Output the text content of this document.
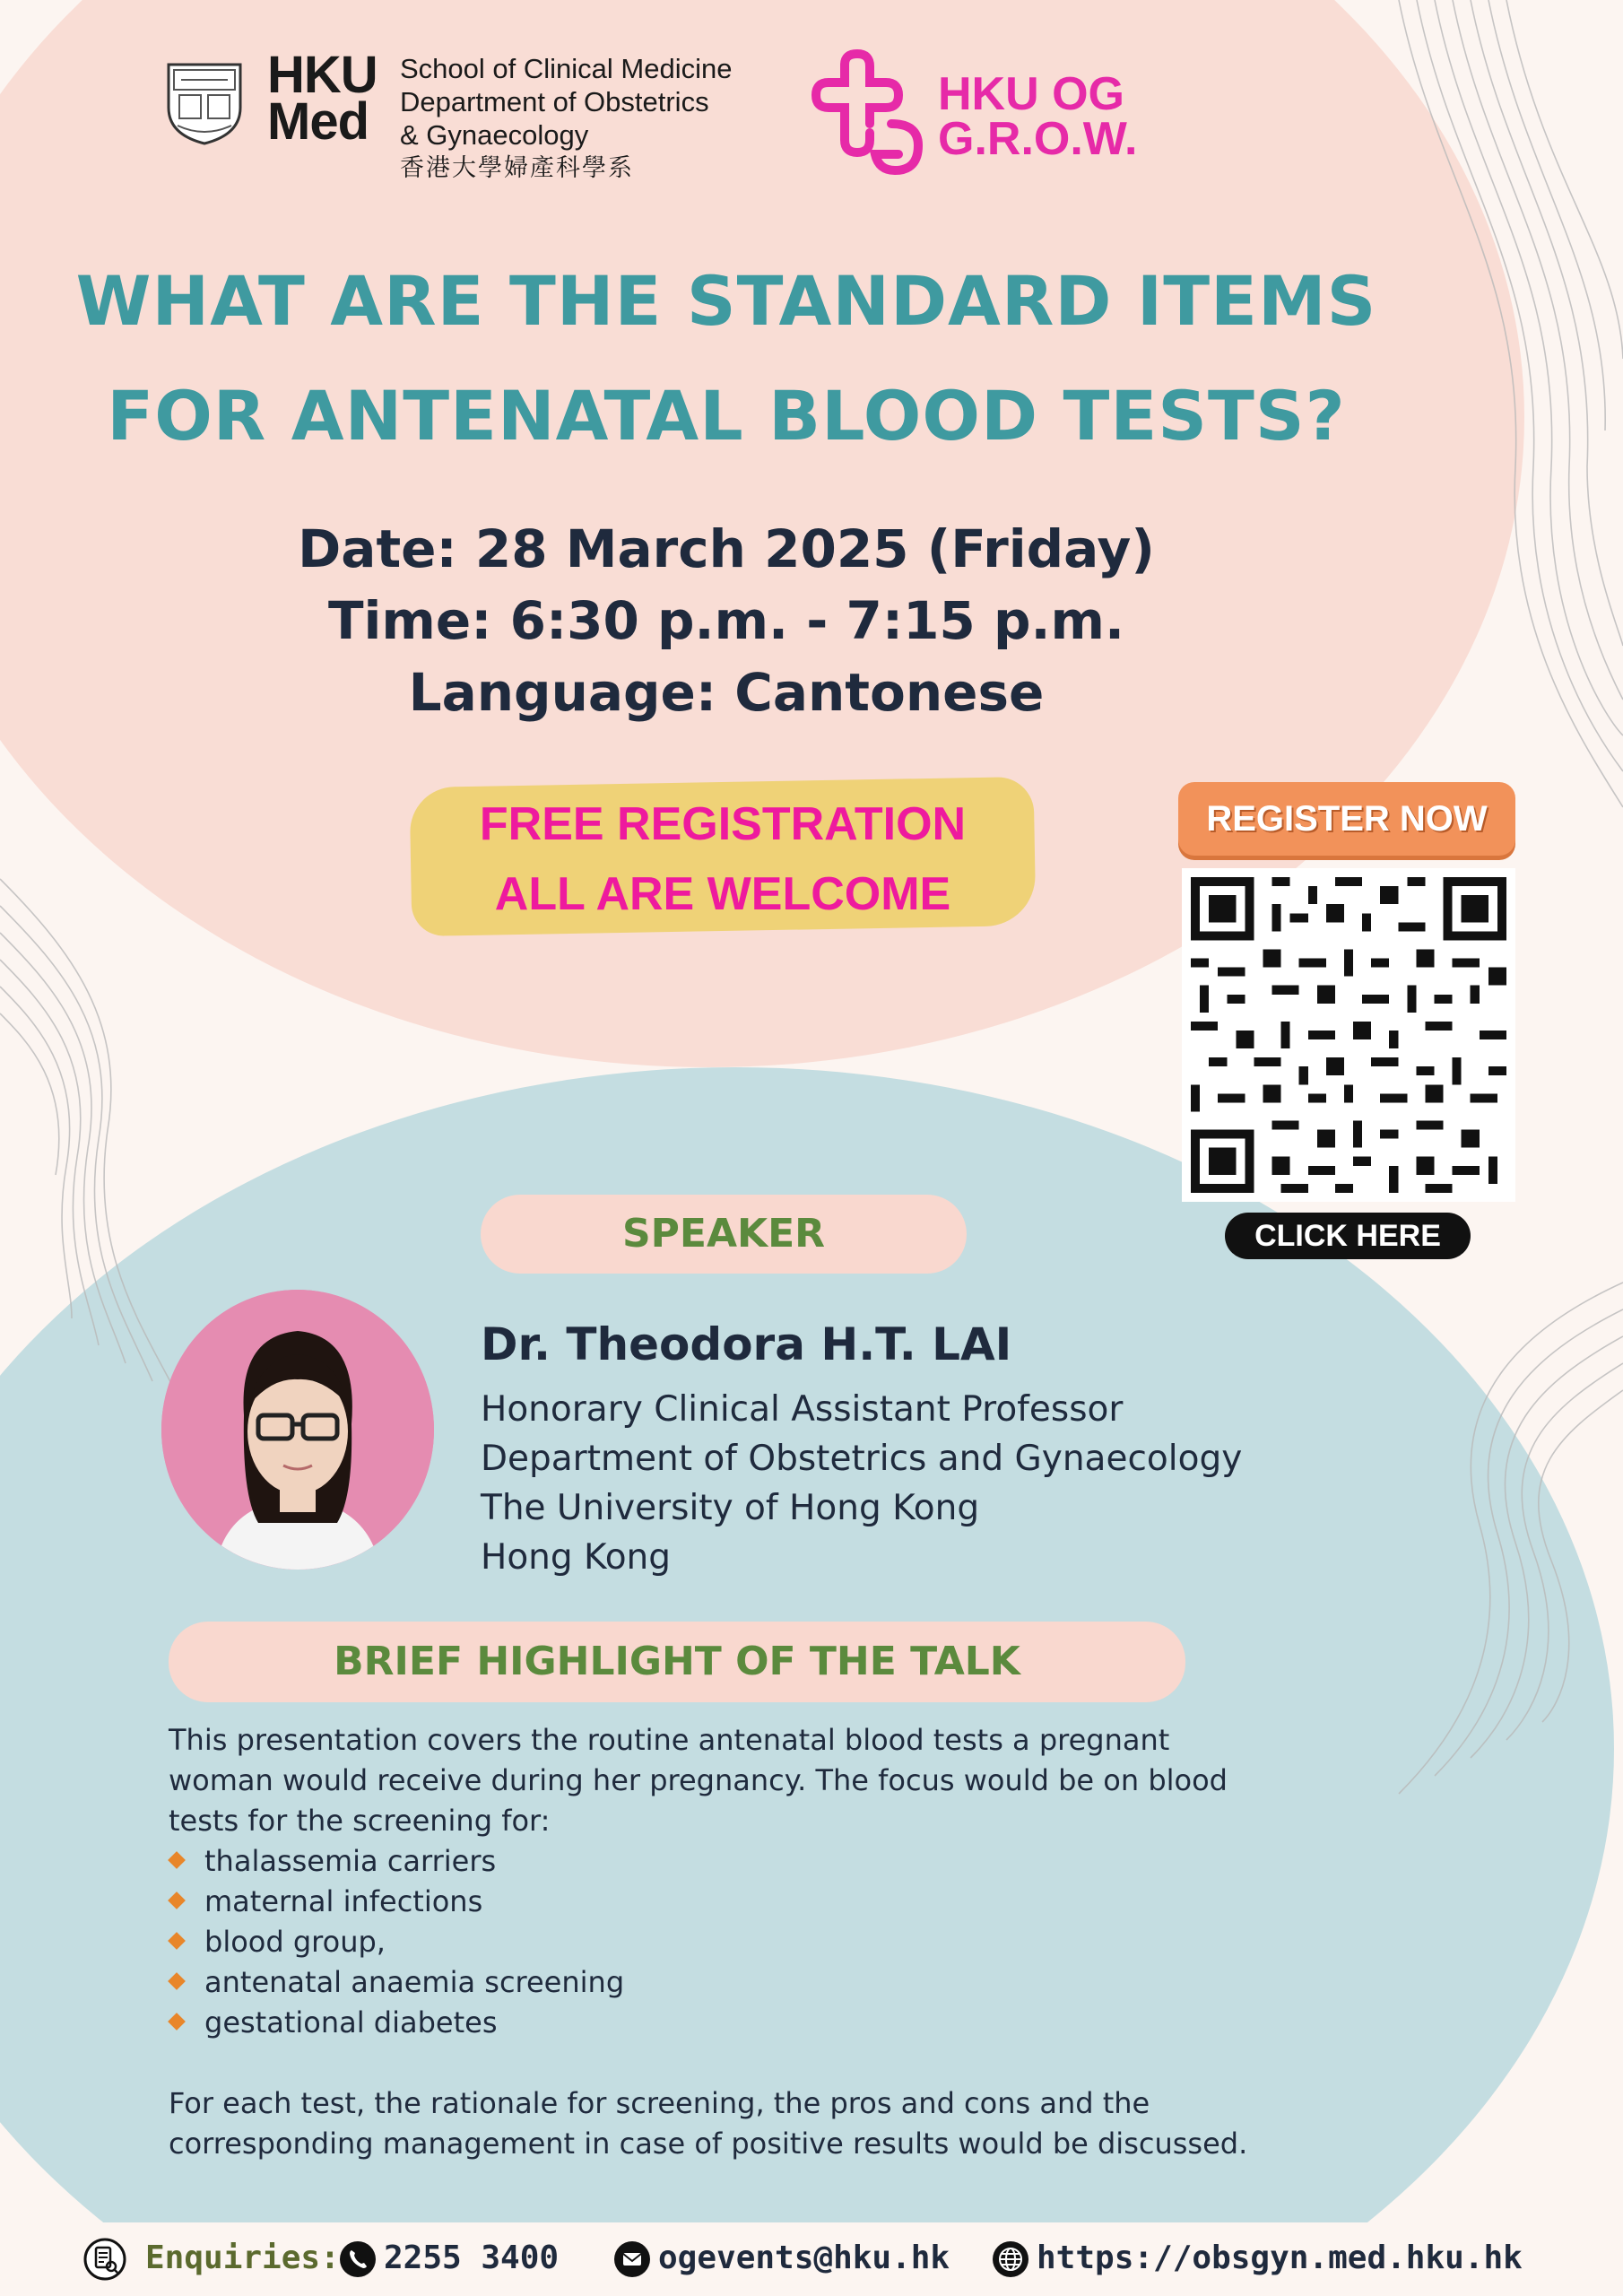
HKU
Med
School of Clinical Medicine
Department of Obstetrics
& Gynaecology
香港大學婦產科學系
HKU OG
G.R.O.W.
WHAT ARE THE STANDARD ITEMS
FOR ANTENATAL BLOOD TESTS?
Date: 28 March 2025 (Friday)
Time: 6:30 p.m. - 7:15 p.m.
Language: Cantonese
FREE REGISTRATION
ALL ARE WELCOME
REGISTER NOW
CLICK HERE
SPEAKER
Dr. Theodora H.T. LAI
Honorary Clinical Assistant Professor
Department of Obstetrics and Gynaecology
The University of Hong Kong
Hong Kong
BRIEF HIGHLIGHT OF THE TALK
This presentation covers the routine antenatal blood tests a pregnant woman would receive during her pregnancy. The focus would be on blood tests for the screening for:
thalassemia carriers
maternal infections
blood group,
antenatal anaemia screening
gestational diabetes
For each test, the rationale for screening, the pros and cons and the corresponding management in case of positive results would be discussed.
Enquiries: 2255 3400	ogevents@hku.hk	https://obsgyn.med.hku.hk
